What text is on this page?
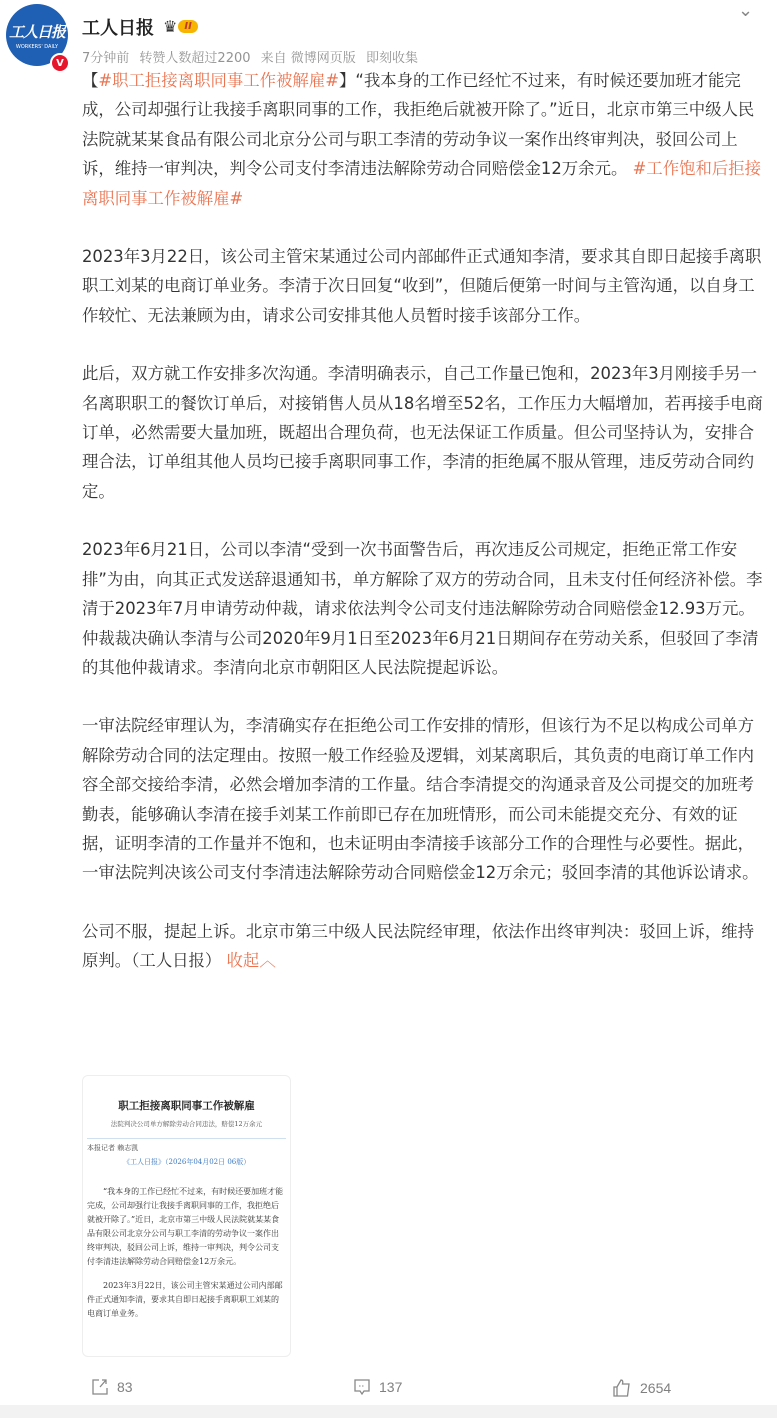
工人日报
WORKERS' DAILY
V
工人日报 ♛ II
⌄
7分钟前 转赞人数超过2200 来自 微博网页版 即刻收集

【#职工拒接离职同事工作被解雇#】“我本身的工作已经忙不过来，有时候还要加班才能完成，公司却强行让我接手离职同事的工作，我拒绝后就被开除了。”近日，北京市第三中级人民法院就某某食品有限公司北京分公司与职工李清的劳动争议一案作出终审判决，驳回公司上诉，维持一审判决，判令公司支付李清违法解除劳动合同赔偿金12万余元。 #工作饱和后拒接离职同事工作被解雇#

2023年3月22日，该公司主管宋某通过公司内部邮件正式通知李清，要求其自即日起接手离职职工刘某的电商订单业务。李清于次日回复“收到”，但随后便第一时间与主管沟通，以自身工作较忙、无法兼顾为由，请求公司安排其他人员暂时接手该部分工作。

此后，双方就工作安排多次沟通。李清明确表示，自己工作量已饱和，2023年3月刚接手另一名离职职工的餐饮订单后，对接销售人员从18名增至52名，工作压力大幅增加，若再接手电商订单，必然需要大量加班，既超出合理负荷，也无法保证工作质量。但公司坚持认为，安排合理合法，订单组其他人员均已接手离职同事工作，李清的拒绝属不服从管理，违反劳动合同约定。

2023年6月21日，公司以李清“受到一次书面警告后，再次违反公司规定，拒绝正常工作安排”为由，向其正式发送辞退通知书，单方解除了双方的劳动合同，且未支付任何经济补偿。李清于2023年7月申请劳动仲裁，请求依法判令公司支付违法解除劳动合同赔偿金12.93万元。仲裁裁决确认李清与公司2020年9月1日至2023年6月21日期间存在劳动关系，但驳回了李清的其他仲裁请求。李清向北京市朝阳区人民法院提起诉讼。

一审法院经审理认为，李清确实存在拒绝公司工作安排的情形，但该行为不足以构成公司单方解除劳动合同的法定理由。按照一般工作经验及逻辑，刘某离职后，其负责的电商订单工作内容全部交接给李清，必然会增加李清的工作量。结合李清提交的沟通录音及公司提交的加班考勤表，能够确认李清在接手刘某工作前即已存在加班情形，而公司未能提交充分、有效的证据，证明李清的工作量并不饱和，也未证明由李清接手该部分工作的合理性与必要性。据此，一审法院判决该公司支付李清违法解除劳动合同赔偿金12万余元；驳回李清的其他诉讼请求。

公司不服，提起上诉。北京市第三中级人民法院经审理，依法作出终审判决：驳回上诉，维持原判。（工人日报） 收起︿

职工拒接离职同事工作被解雇
法院判决公司单方解除劳动合同违法，赔偿12万余元
本报记者 赖志凯
《工人日报》（2026年04月02日 06版）
“我本身的工作已经忙不过来，有时候还要加班才能完成，公司却强行让我接手离职同事的工作，我拒绝后就被开除了。”近日，北京市第三中级人民法院就某某食品有限公司北京分公司与职工李清的劳动争议一案作出终审判决，驳回公司上诉，维持一审判决，判令公司支付李清违法解除劳动合同赔偿金12万余元。
2023年3月22日，该公司主管宋某通过公司内部邮件正式通知李清，要求其自即日起接手离职职工刘某的电商订单业务。
83	137	2654
